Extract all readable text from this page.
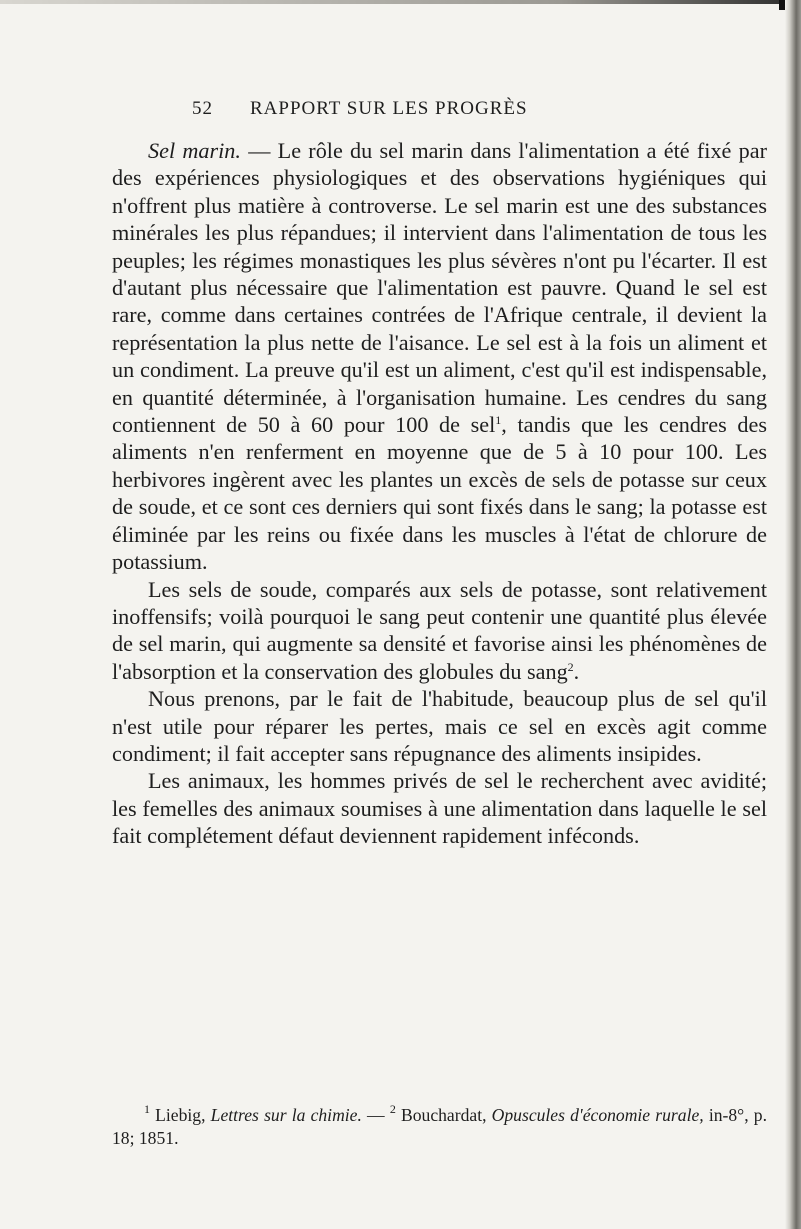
52 RAPPORT SUR LES PROGRÈS

Sel marin. — Le rôle du sel marin dans l'alimentation a été fixé par des expériences physiologiques et des observations hygiéniques qui n'offrent plus matière à controverse. Le sel marin est une des substances minérales les plus répandues; il intervient dans l'alimentation de tous les peuples; les régimes monastiques les plus sévères n'ont pu l'écarter. Il est d'autant plus nécessaire que l'alimentation est pauvre. Quand le sel est rare, comme dans certaines contrées de l'Afrique centrale, il devient la représentation la plus nette de l'aisance. Le sel est à la fois un aliment et un condiment. La preuve qu'il est un aliment, c'est qu'il est indispensable, en quantité déterminée, à l'organisation humaine. Les cendres du sang contiennent de 50 à 60 pour 100 de sel$^1$, tandis que les cendres des aliments n'en renferment en moyenne que de 5 à 10 pour 100. Les herbivores ingèrent avec les plantes un excès de sels de potasse sur ceux de soude, et ce sont ces derniers qui sont fixés dans le sang; la potasse est éliminée par les reins ou fixée dans les muscles à l'état de chlorure de potassium.

Les sels de soude, comparés aux sels de potasse, sont relativement inoffensifs; voilà pourquoi le sang peut contenir une quantité plus élevée de sel marin, qui augmente sa densité et favorise ainsi les phénomènes de l'absorption et la conservation des globules du sang$^2$.

Nous prenons, par le fait de l'habitude, beaucoup plus de sel qu'il n'est utile pour réparer les pertes, mais ce sel en excès agit comme condiment; il fait accepter sans répugnance des aliments insipides.

Les animaux, les hommes privés de sel le recherchent avec avidité; les femelles des animaux soumises à une alimentation dans laquelle le sel fait complétement défaut deviennent rapidement inféconds.

$^1$ Liebig, Lettres sur la chimie. — $^2$ Bouchardat, Opuscules d'économie rurale, in-8°, p. 18; 1851.
